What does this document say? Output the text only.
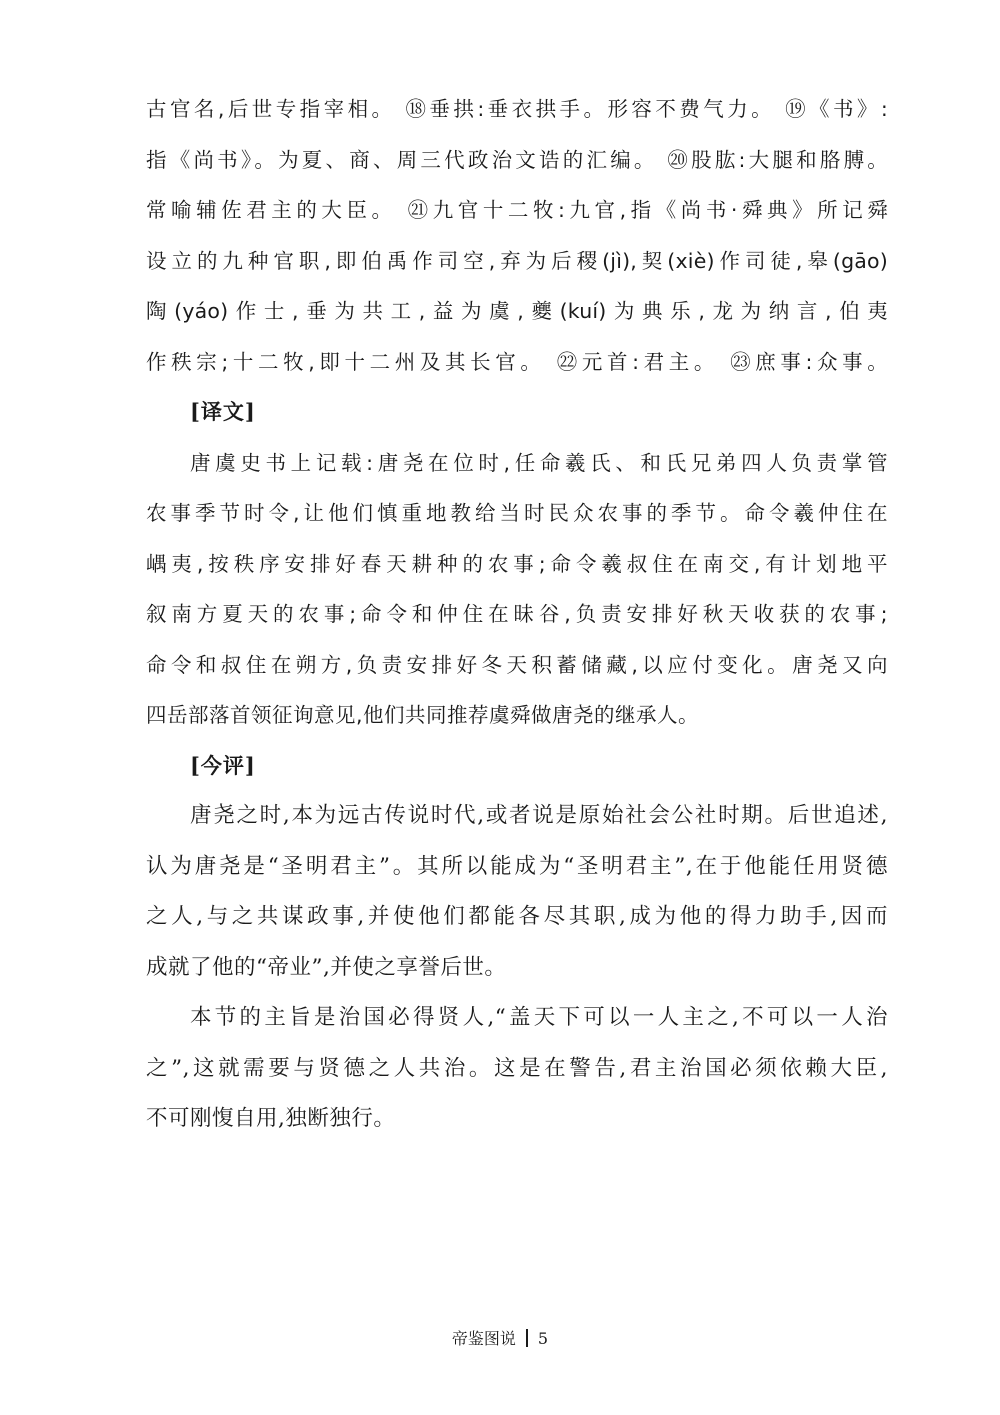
古官名,后世专指宰相。 ⑱垂拱:垂衣拱手。形容不费气力。 ⑲《书》:
指《尚书》。为夏、商、周三代政治文诰的汇编。 ⑳股肱:大腿和胳膊。
常喻辅佐君主的大臣。 ㉑九官十二牧:九官,指《尚书·舜典》所记舜
设立的九种官职,即伯禹作司空,弃为后稷(jì),契(xiè)作司徒,皋(gāo)
陶(yáo)作士,垂为共工,益为虞,夔(kuí)为典乐,龙为纳言,伯夷
作秩宗;十二牧,即十二州及其长官。 ㉒元首:君主。 ㉓庶事:众事。
[译文]
唐虞史书上记载:唐尧在位时,任命羲氏、和氏兄弟四人负责掌管
农事季节时令,让他们慎重地教给当时民众农事的季节。命令羲仲住在
嵎夷,按秩序安排好春天耕种的农事;命令羲叔住在南交,有计划地平
叙南方夏天的农事;命令和仲住在昧谷,负责安排好秋天收获的农事;
命令和叔住在朔方,负责安排好冬天积蓄储藏,以应付变化。唐尧又向
四岳部落首领征询意见,他们共同推荐虞舜做唐尧的继承人。
[今评]
唐尧之时,本为远古传说时代,或者说是原始社会公社时期。后世追述,
认为唐尧是“圣明君主”。其所以能成为“圣明君主”,在于他能任用贤德
之人,与之共谋政事,并使他们都能各尽其职,成为他的得力助手,因而
成就了他的“帝业”,并使之享誉后世。
本节的主旨是治国必得贤人,“盖天下可以一人主之,不可以一人治
之”,这就需要与贤德之人共治。这是在警告,君主治国必须依赖大臣,
不可刚愎自用,独断独行。
帝鉴图说 5
